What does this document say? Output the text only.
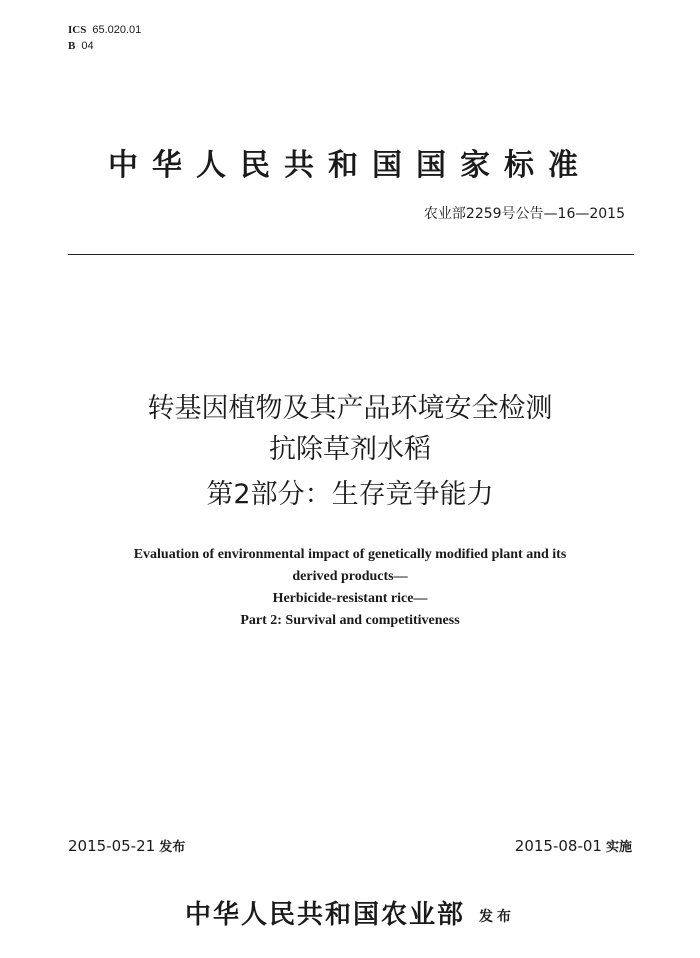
ICS 65.020.01
B 04
中华人民共和国国家标准
农业部2259号公告—16—2015
转基因植物及其产品环境安全检测
抗除草剂水稻
第2部分：生存竞争能力
Evaluation of environmental impact of genetically modified plant and its
derived products—
Herbicide-resistant rice—
Part 2: Survival and competitiveness
2015-05-21 发布	2015-08-01 实施
中华人民共和国农业部 发布
